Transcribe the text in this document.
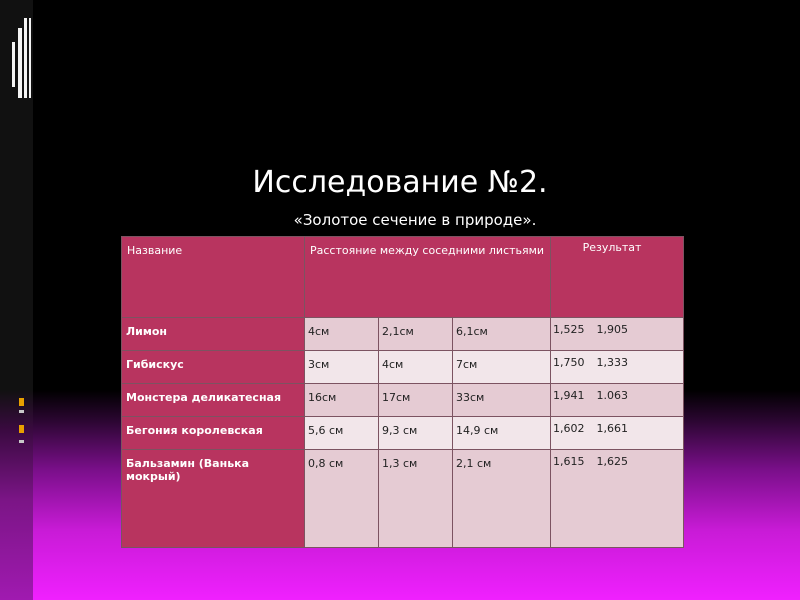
Исследование №2.
«Золотое сечение в природе».
Название	Расстояние между соседними листьями			Результат

Лимон	4см	2,1см	6,1см	1,525 1,905

Гибискус	3см	4см	7см	1,750 1,333

Монстера деликатесная	16см	17см	33см	1,941 1.063

Бегония королевская	5,6 см	9,3 см	14,9 см	1,602 1,661

Бальзамин (Ванька мокрый)	0,8 см	1,3 см	2,1 см	1,615 1,625
